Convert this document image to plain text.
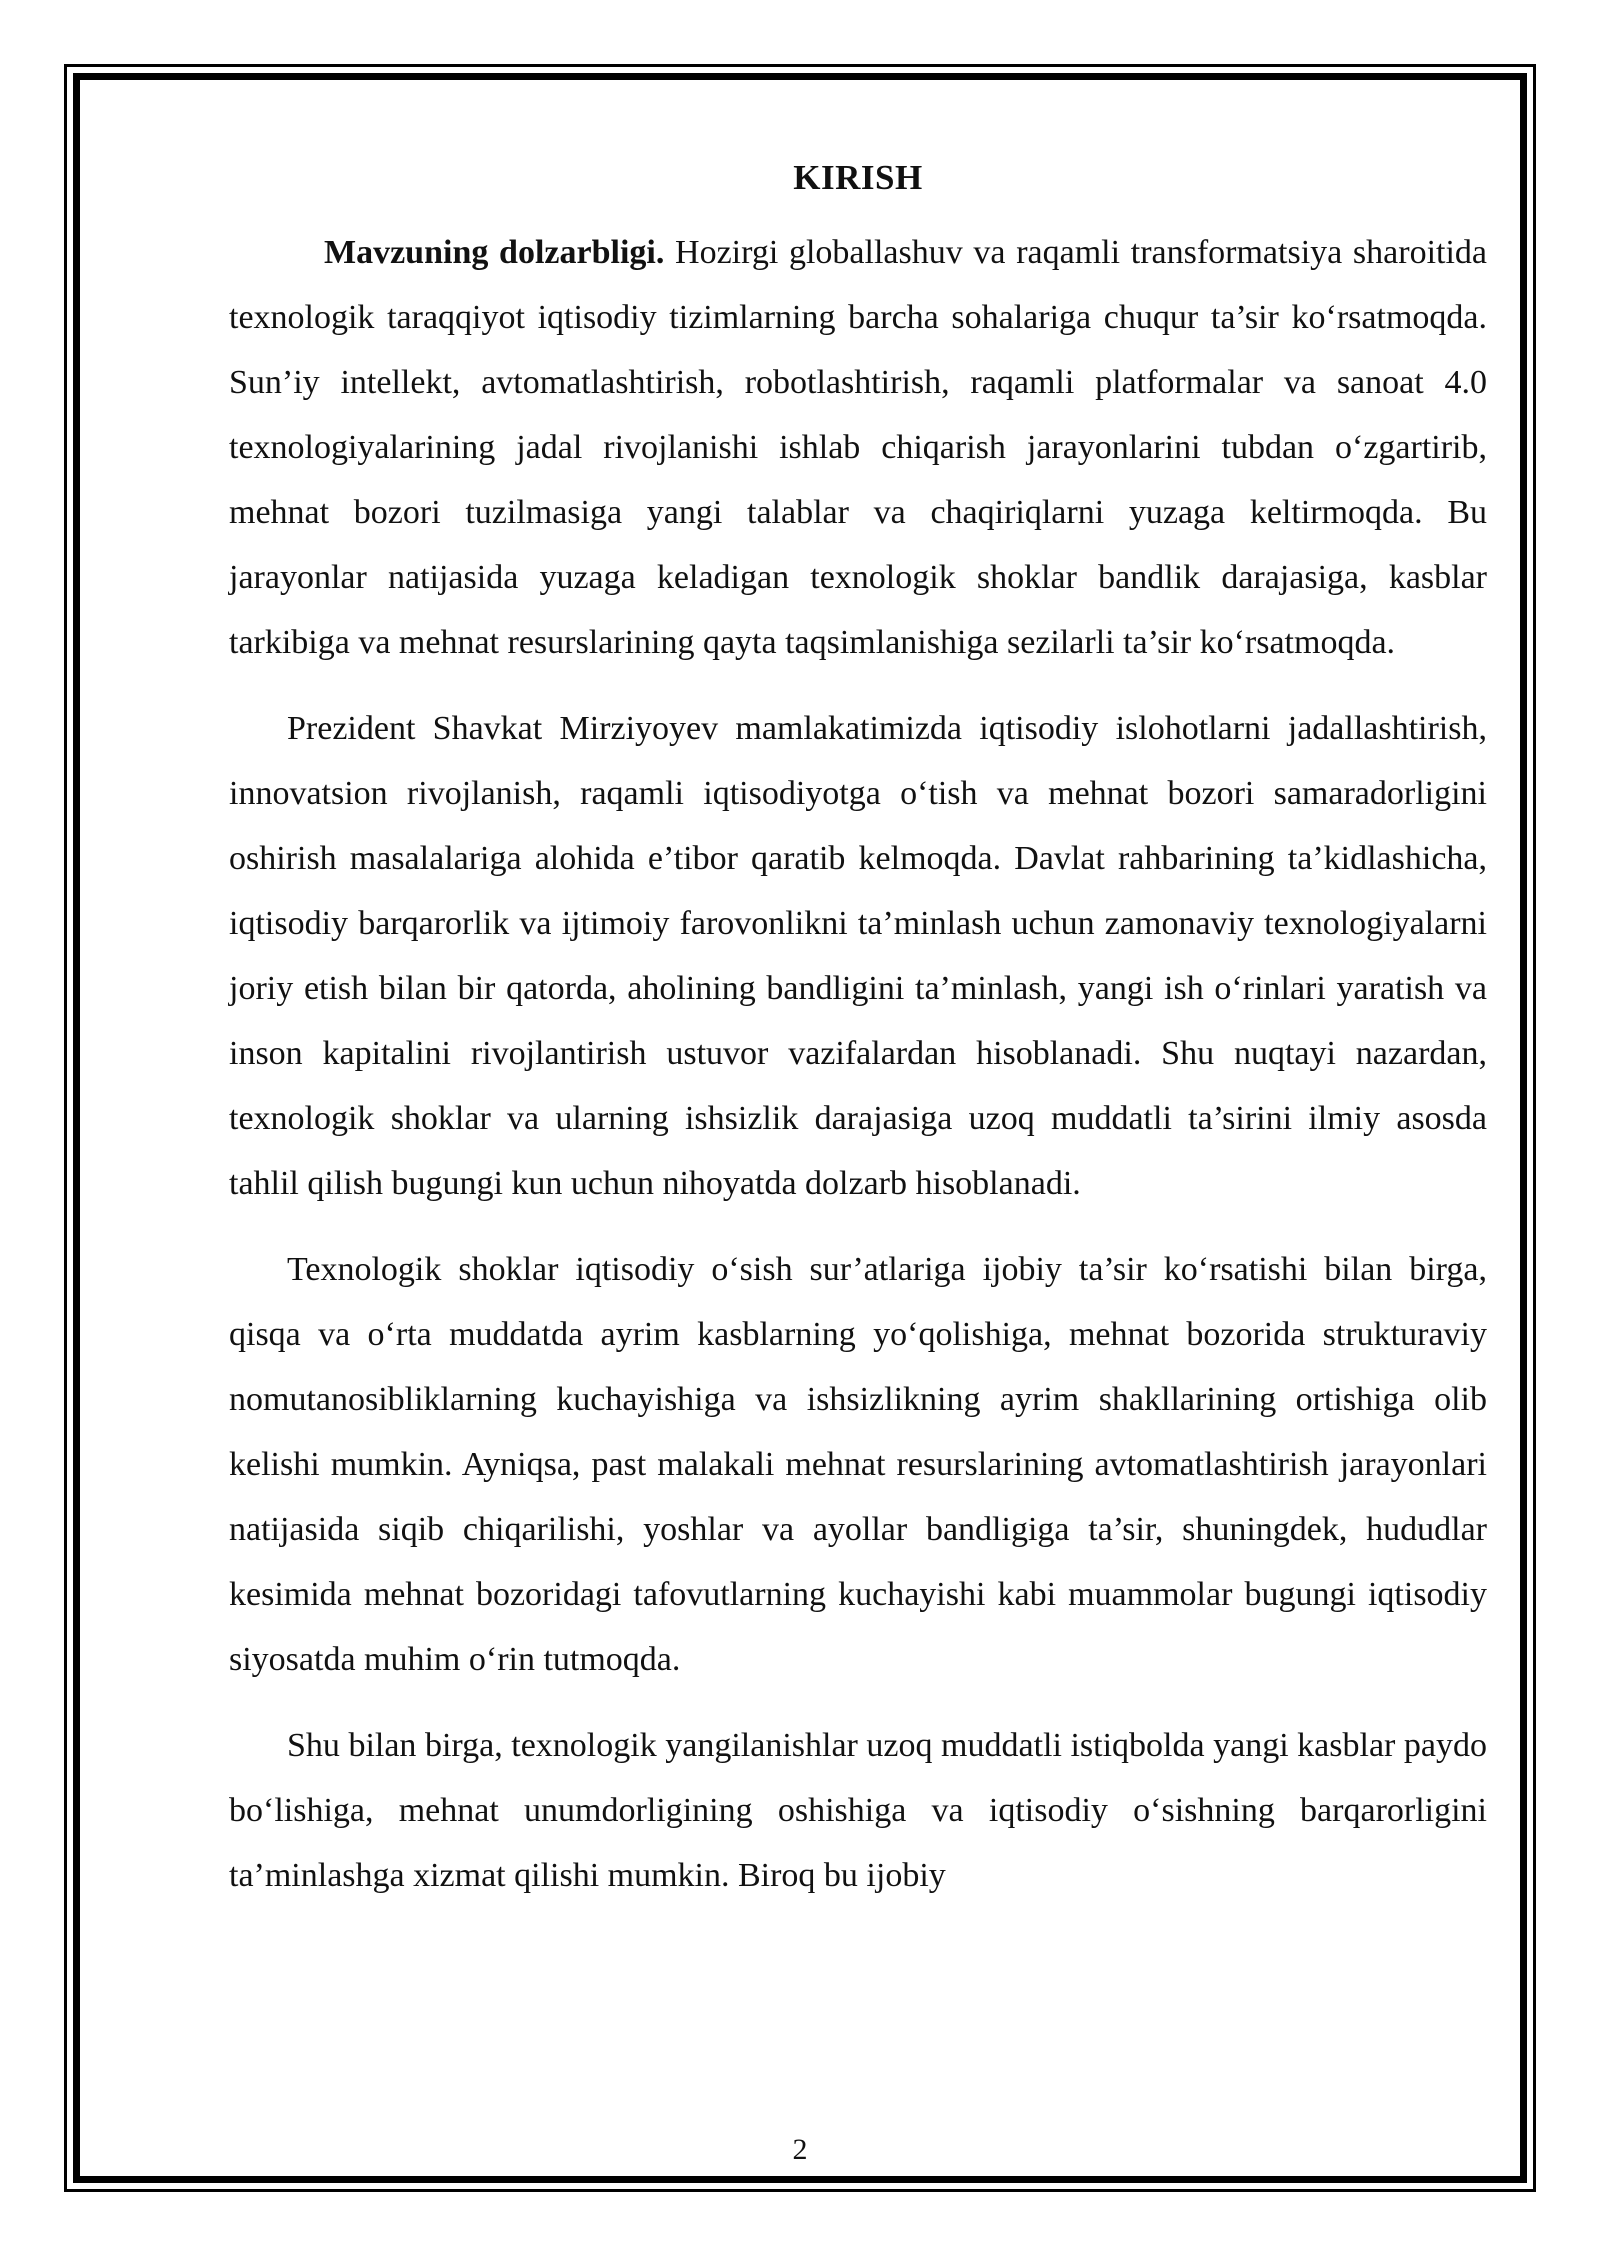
KIRISH

Mavzuning dolzarbligi. Hozirgi globallashuv va raqamli transformatsiya sharoitida texnologik taraqqiyot iqtisodiy tizimlarning barcha sohalariga chuqur ta’sir ko‘rsatmoqda. Sun’iy intellekt, avtomatlashtirish, robotlashtirish, raqamli platformalar va sanoat 4.0 texnologiyalarining jadal rivojlanishi ishlab chiqarish jarayonlarini tubdan o‘zgartirib, mehnat bozori tuzilmasiga yangi talablar va chaqiriqlarni yuzaga keltirmoqda. Bu jarayonlar natijasida yuzaga keladigan texnologik shoklar bandlik darajasiga, kasblar tarkibiga va mehnat resurslarining qayta taqsimlanishiga sezilarli ta’sir ko‘rsatmoqda.

Prezident Shavkat Mirziyoyev mamlakatimizda iqtisodiy islohotlarni jadallashtirish, innovatsion rivojlanish, raqamli iqtisodiyotga o‘tish va mehnat bozori samaradorligini oshirish masalalariga alohida e’tibor qaratib kelmoqda. Davlat rahbarining ta’kidlashicha, iqtisodiy barqarorlik va ijtimoiy farovonlikni ta’minlash uchun zamonaviy texnologiyalarni joriy etish bilan bir qatorda, aholining bandligini ta’minlash, yangi ish o‘rinlari yaratish va inson kapitalini rivojlantirish ustuvor vazifalardan hisoblanadi. Shu nuqtayi nazardan, texnologik shoklar va ularning ishsizlik darajasiga uzoq muddatli ta’sirini ilmiy asosda tahlil qilish bugungi kun uchun nihoyatda dolzarb hisoblanadi.

Texnologik shoklar iqtisodiy o‘sish sur’atlariga ijobiy ta’sir ko‘rsatishi bilan birga, qisqa va o‘rta muddatda ayrim kasblarning yo‘qolishiga, mehnat bozorida strukturaviy nomutanosibliklarning kuchayishiga va ishsizlikning ayrim shakllarining ortishiga olib kelishi mumkin. Ayniqsa, past malakali mehnat resurslarining avtomatlashtirish jarayonlari natijasida siqib chiqarilishi, yoshlar va ayollar bandligiga ta’sir, shuningdek, hududlar kesimida mehnat bozoridagi tafovutlarning kuchayishi kabi muammolar bugungi iqtisodiy siyosatda muhim o‘rin tutmoqda.

Shu bilan birga, texnologik yangilanishlar uzoq muddatli istiqbolda yangi kasblar paydo bo‘lishiga, mehnat unumdorligining oshishiga va iqtisodiy o‘sishning barqarorligini ta’minlashga xizmat qilishi mumkin. Biroq bu ijobiy

2
